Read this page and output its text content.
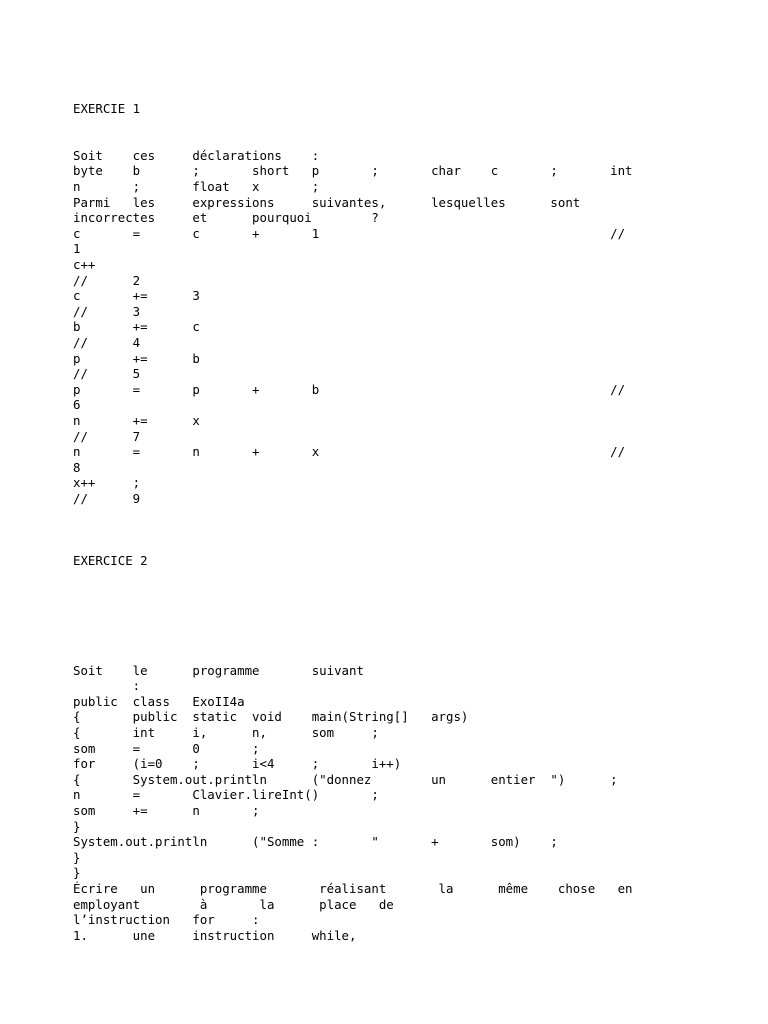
EXERCIE 1
Soit    ces     déclarations    :
byte    b       ;       short   p       ;       char    c       ;       int
n       ;       float   x       ;
Parmi   les     expressions     suivantes,      lesquelles      sont
incorrectes     et      pourquoi        ?
c       =       c       +       1                                       //
1
c++
//      2
c       +=      3
//      3
b       +=      c
//      4
p       +=      b
//      5
p       =       p       +       b                                       //
6
n       +=      x
//      7
n       =       n       +       x                                       //
8
x++     ;
//      9
EXERCICE 2
Soit    le      programme       suivant
:
public  class   ExoII4a
{       public  static  void    main(String[]   args)
{       int     i,      n,      som     ;
som     =       0       ;
for     (i=0    ;       i<4     ;       i++)
{       System.out.println      ("donnez        un      entier  ")      ;
n       =       Clavier.lireInt()       ;
som     +=      n       ;
}
System.out.println      ("Somme :       "       +       som)    ;
}
}
Écrire   un      programme       réalisant       la      même    chose   en
employant        à       la      place   de
l’instruction   for     :
1.      une     instruction     while,
